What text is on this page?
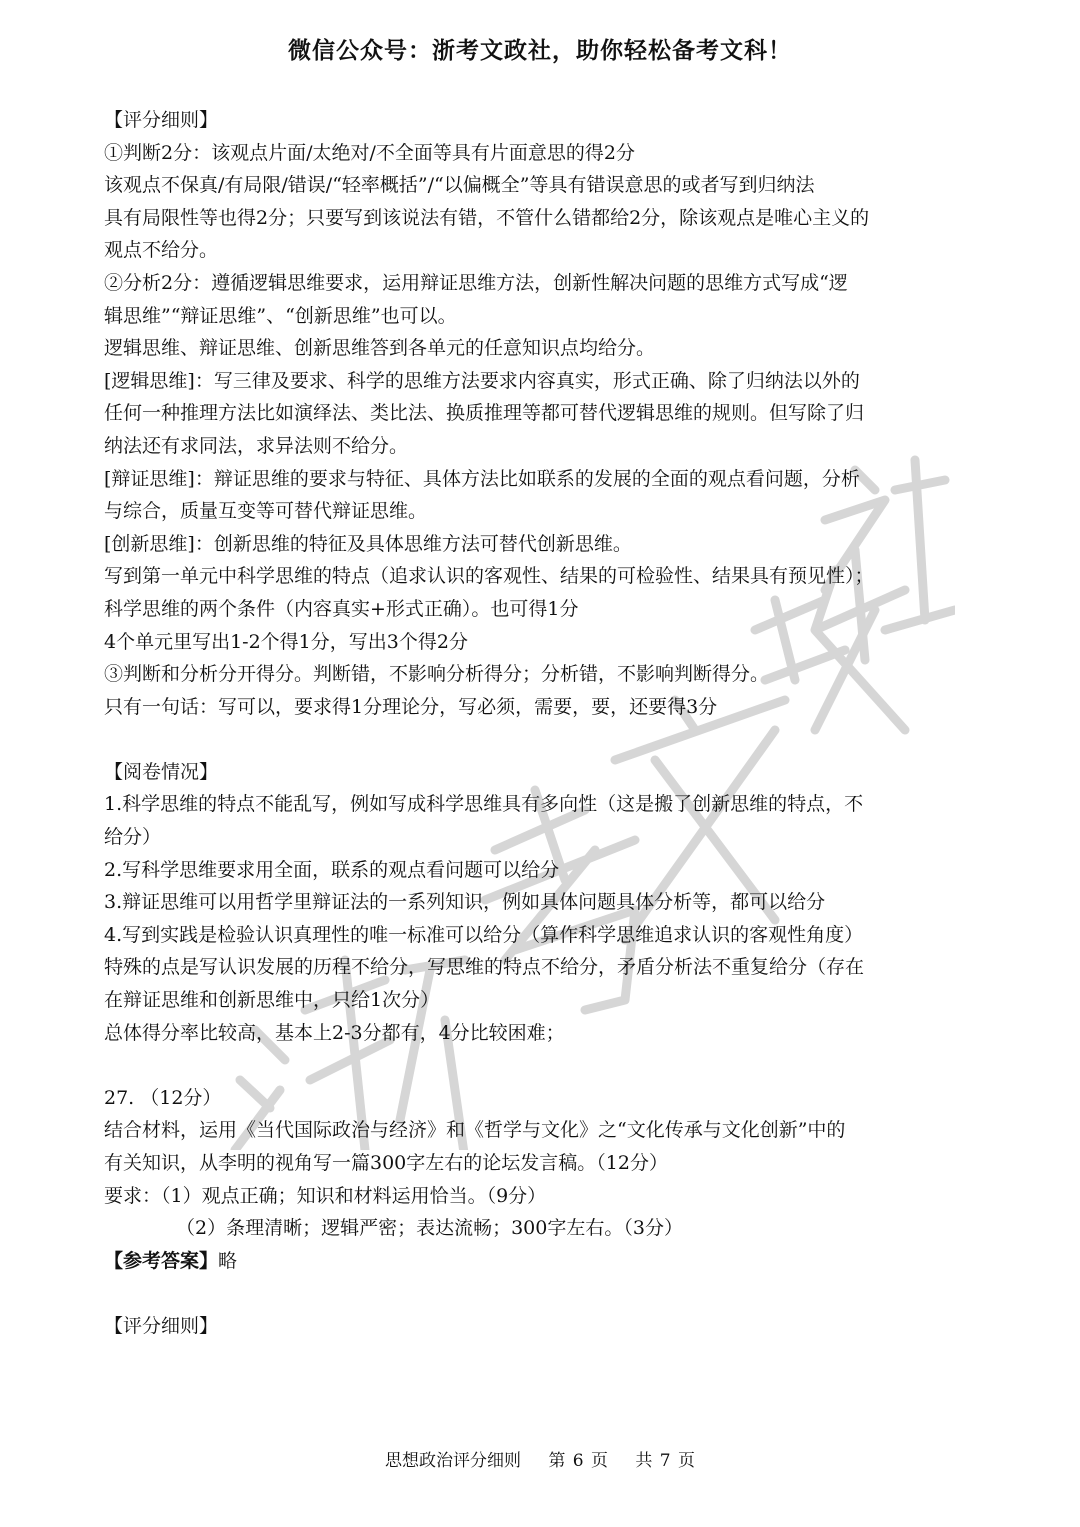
微信公众号：浙考文政社，助你轻松备考文科！

【评分细则】

①判断2分：该观点片面/太绝对/不全面等具有片面意思的得2分

该观点不保真/有局限/错误/“轻率概括”/“以偏概全”等具有错误意思的或者写到归纳法

具有局限性等也得2分；只要写到该说法有错，不管什么错都给2分，除该观点是唯心主义的

观点不给分。

②分析2分：遵循逻辑思维要求，运用辩证思维方法，创新性解决问题的思维方式写成“逻

辑思维”“辩证思维”、“创新思维”也可以。

逻辑思维、辩证思维、创新思维答到各单元的任意知识点均给分。

[逻辑思维]：写三律及要求、科学的思维方法要求内容真实，形式正确、除了归纳法以外的

任何一种推理方法比如演绎法、类比法、换质推理等都可替代逻辑思维的规则。但写除了归

纳法还有求同法，求异法则不给分。

[辩证思维]：辩证思维的要求与特征、具体方法比如联系的发展的全面的观点看问题，分析

与综合，质量互变等可替代辩证思维。

[创新思维]：创新思维的特征及具体思维方法可替代创新思维。

写到第一单元中科学思维的特点（追求认识的客观性、结果的可检验性、结果具有预见性）；

科学思维的两个条件（内容真实+形式正确）。也可得1分

4个单元里写出1-2个得1分，写出3个得2分

③判断和分析分开得分。判断错，不影响分析得分；分析错，不影响判断得分。

只有一句话：写可以，要求得1分理论分，写必须，需要，要，还要得3分

【阅卷情况】

1.科学思维的特点不能乱写，例如写成科学思维具有多向性（这是搬了创新思维的特点，不

给分）

2.写科学思维要求用全面，联系的观点看问题可以给分

3.辩证思维可以用哲学里辩证法的一系列知识，例如具体问题具体分析等，都可以给分

4.写到实践是检验认识真理性的唯一标准可以给分（算作科学思维追求认识的客观性角度）

特殊的点是写认识发展的历程不给分，写思维的特点不给分，矛盾分析法不重复给分（存在

在辩证思维和创新思维中，只给1次分）

总体得分率比较高，基本上2-3分都有，4分比较困难；

27. （12分）

结合材料，运用《当代国际政治与经济》和《哲学与文化》之“文化传承与文化创新”中的

有关知识，从李明的视角写一篇300字左右的论坛发言稿。（12分）

要求：（1）观点正确；知识和材料运用恰当。（9分）

（2）条理清晰；逻辑严密；表达流畅；300字左右。（3分）

【参考答案】略

【评分细则】

思想政治评分细则 第 6 页 共 7 页
